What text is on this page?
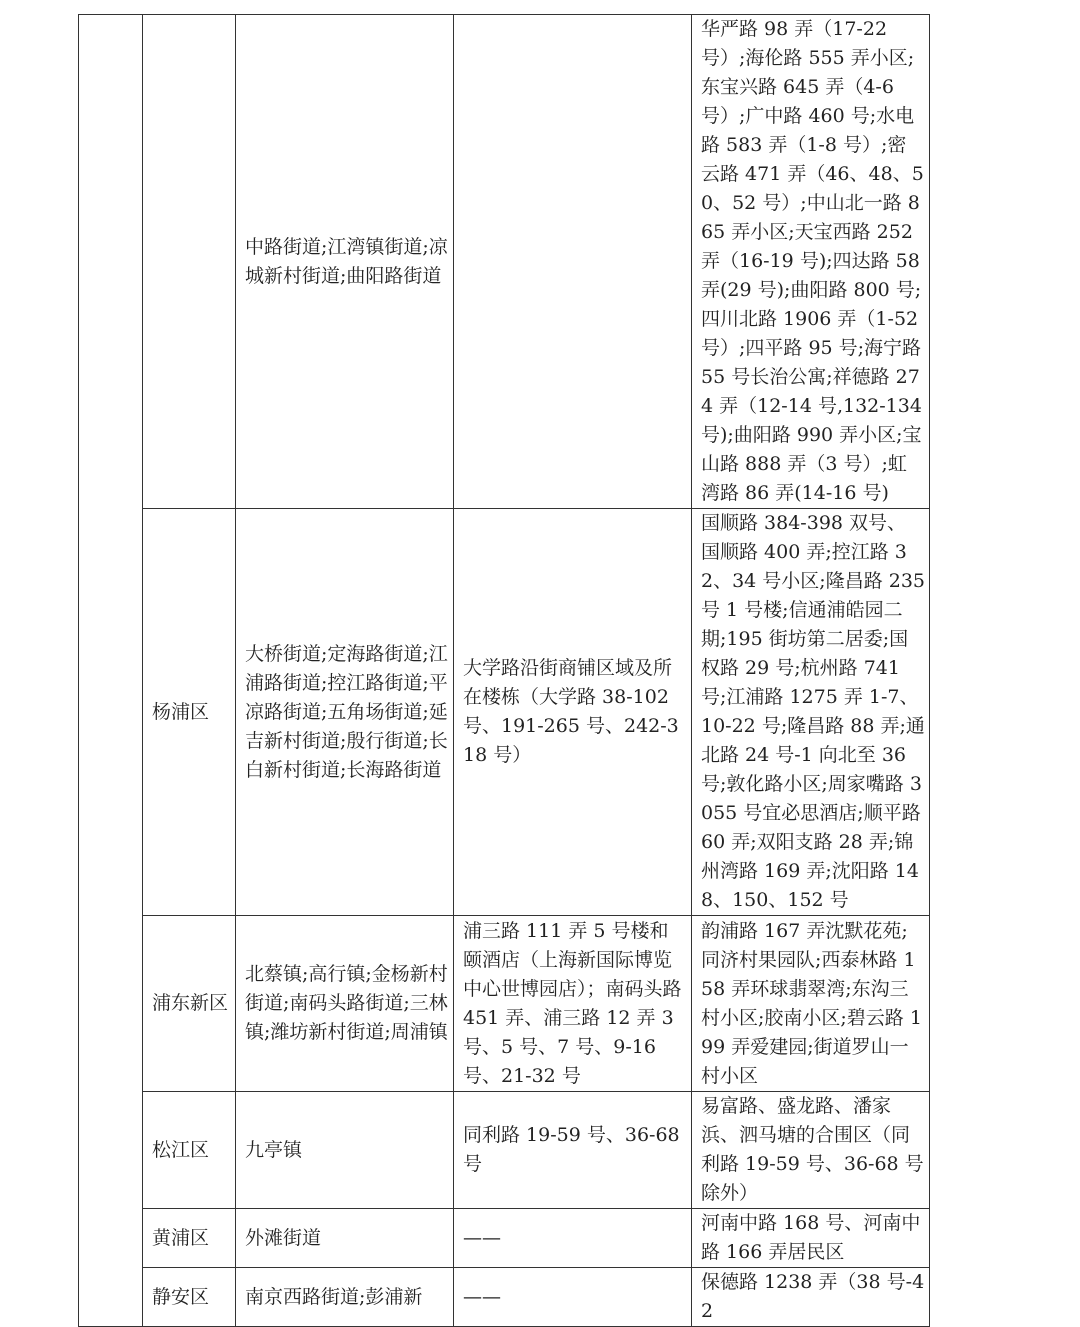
		中路街道;江湾镇街道;凉城新村街道;曲阳路街道		华严路 98 弄（17-22 号）;海伦路 555 弄小区;东宝兴路 645 弄（4-6 号）;广中路 460 号;水电路 583 弄（1-8 号）;密云路 471 弄（46、48、50、52 号）;中山北一路 865 弄小区;天宝西路 252 弄（16-19 号);四达路 58 弄(29 号);曲阳路 800 号;四川北路 1906 弄（1-52 号）;四平路 95 号;海宁路 55 号长治公寓;祥德路 274 弄（12-14 号,132-134 号);曲阳路 990 弄小区;宝山路 888 弄（3 号）;虹湾路 86 弄(14-16 号)

	杨浦区	大桥街道;定海路街道;江浦路街道;控江路街道;平凉路街道;五角场街道;延吉新村街道;殷行街道;长白新村街道;长海路街道	大学路沿街商铺区域及所在楼栋（大学路 38-102 号、191-265 号、242-318 号）	国顺路 384-398 双号、国顺路 400 弄;控江路 32、34 号小区;隆昌路 235 号 1 号楼;信通浦皓园二期;195 街坊第二居委;国权路 29 号;杭州路 741 号;江浦路 1275 弄 1-7、10-22 号;隆昌路 88 弄;通北路 24 号-1 向北至 36 号;敦化路小区;周家嘴路 3055 号宜必思酒店;顺平路 60 弄;双阳支路 28 弄;锦州湾路 169 弄;沈阳路 148、150、152 号

	浦东新区	北蔡镇;高行镇;金杨新村街道;南码头路街道;三林镇;潍坊新村街道;周浦镇	浦三路 111 弄 5 号楼和颐酒店（上海新国际博览中心世博园店）；南码头路 451 弄、浦三路 12 弄 3 号、5 号、7 号、9-16 号、21-32 号	韵浦路 167 弄沈默花苑;同济村果园队;西泰林路 158 弄环球翡翠湾;东沟三村小区;胶南小区;碧云路 199 弄爱建园;街道罗山一村小区

	松江区	九亭镇	同利路 19-59 号、36-68 号	易富路、盛龙路、潘家浜、泗马塘的合围区（同利路 19-59 号、36-68 号除外）

	黄浦区	外滩街道	——	河南中路 168 号、河南中路 166 弄居民区

	静安区	南京西路街道;彭浦新	——	保德路 1238 弄（38 号-42
